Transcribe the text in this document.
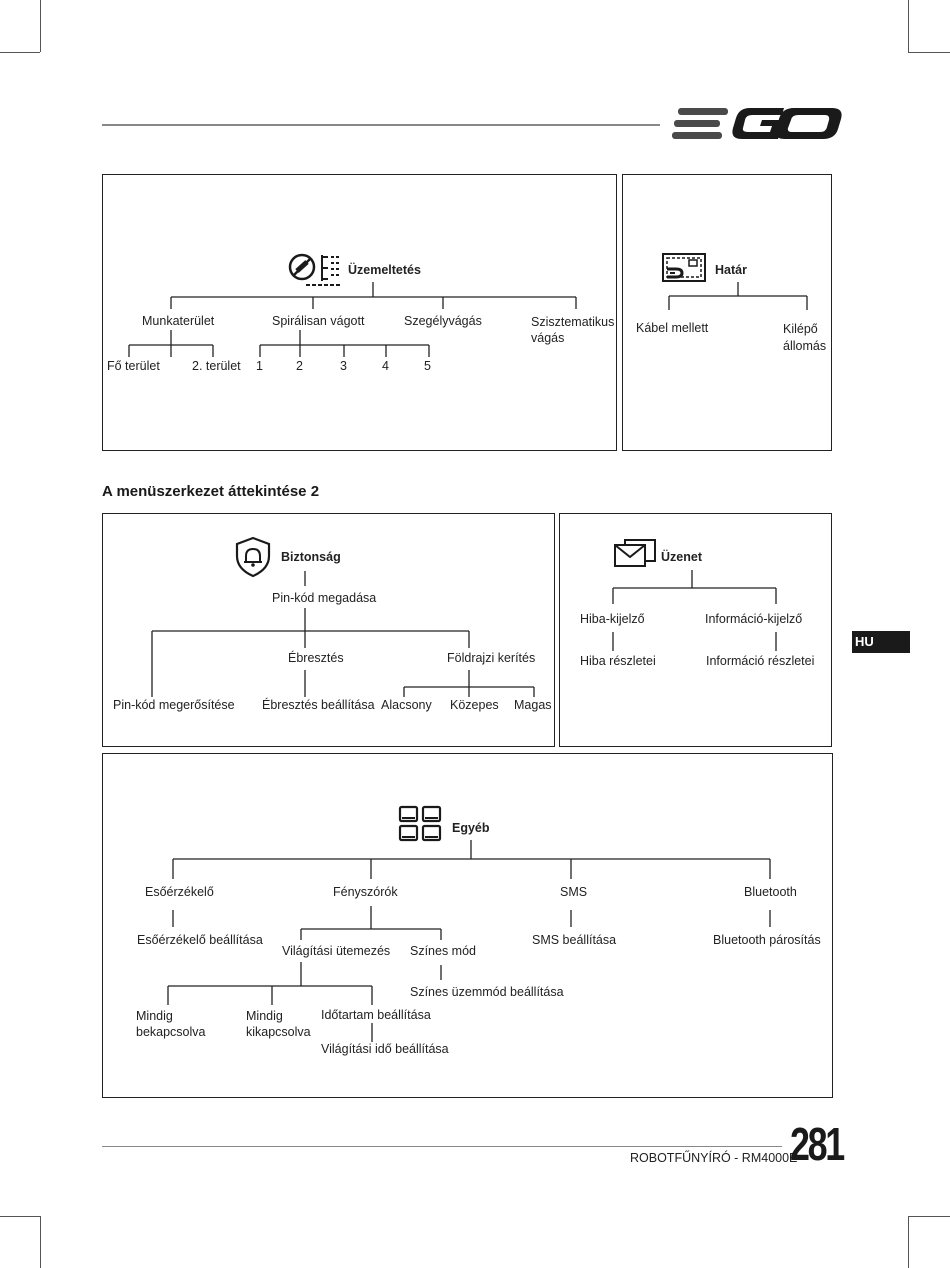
Üzemeltetés
Munkaterület	Spirálisan vágott	Szegélyvágás	Szisztematikus vágás
Fő terület	2. terület 1	2	3	4	5
Határ
Kábel mellett	Kilépő állomás
A menüszerkezet áttekintése 2
HU
Biztonság
Pin-kód megadása
Ébresztés	Földrajzi kerítés
Pin-kód megerősítése Ébresztés beállítása Alacsony Közepes Magas
Üzenet
Hiba-kijelző	Információ-kijelző
Hiba részletei	Információ részletei
Egyéb
Esőérzékelő	Fényszórók	SMS	Bluetooth
Esőérzékelő beállítása	SMS beállítása	Bluetooth párosítás
Világítási ütemezés Színes mód
Színes üzemmód beállítása
Mindig bekapcsolva
Mindig kikapcsolva
Időtartam beállítása
Világítási idő beállítása
ROBOTFŰNYÍRÓ - RM4000E
281
